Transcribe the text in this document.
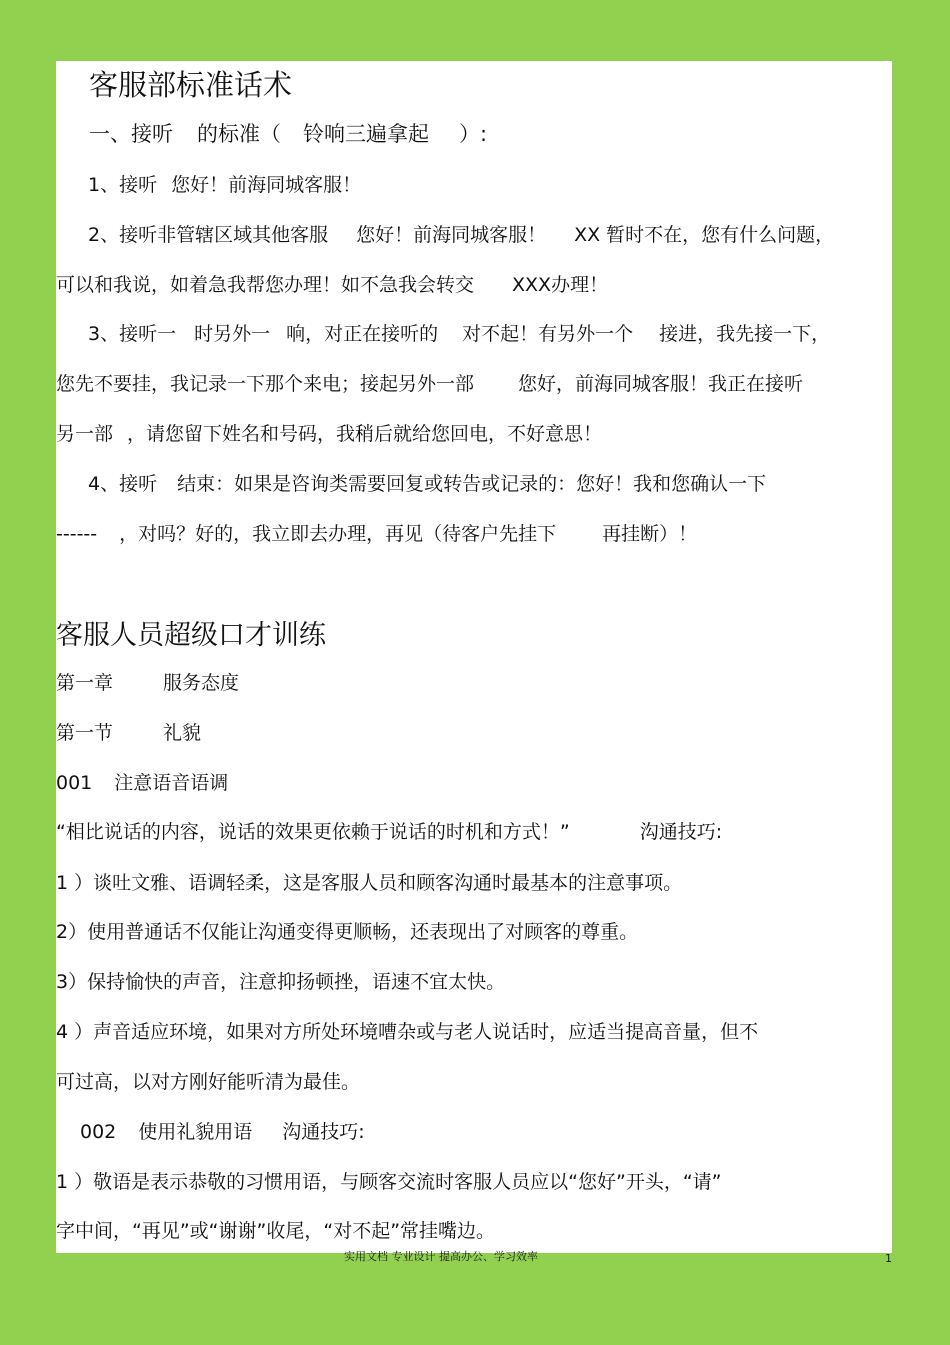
客服部标准话术
一、接听 的标准（ 铃响三遍拿起 ）:
1、接听 您好！前海同城客服！
2、接听非管辖区域其他客服 您好！前海同城客服！ XX 暂时不在，您有什么问题，
可以和我说，如着急我帮您办理！如不急我会转交 XXX办理！
3、接听一 时另外一 响，对正在接听的 对不起！有另外一个 接进，我先接一下，
您先不要挂，我记录一下那个来电；接起另外一部 您好，前海同城客服！我正在接听
另一部 ，请您留下姓名和号码，我稍后就给您回电，不好意思！
4、接听 结束：如果是咨询类需要回复或转告或记录的：您好！我和您确认一下
------ ，对吗？好的，我立即去办理，再见（待客户先挂下 再挂断）！
客服人员超级口才训练
第一章	服务态度
第一节	礼貌
001 注意语音语调
“相比说话的内容，说话的效果更依赖于说话的时机和方式！”	沟通技巧:
1 ）谈吐文雅、语调轻柔，这是客服人员和顾客沟通时最基本的注意事项。
2）使用普通话不仅能让沟通变得更顺畅，还表现出了对顾客的尊重。
3）保持愉快的声音，注意抑扬顿挫，语速不宜太快。
4 ）声音适应环境，如果对方所处环境嘈杂或与老人说话时，应适当提高音量，但不
可过高，以对方刚好能听清为最佳。
002 使用礼貌用语 沟通技巧:
1 ）敬语是表示恭敬的习惯用语，与顾客交流时客服人员应以“您好”开头，“请”
字中间，“再见”或“谢谢”收尾，“对不起”常挂嘴边。
实用文档 专业设计 提高办公、学习效率	1
